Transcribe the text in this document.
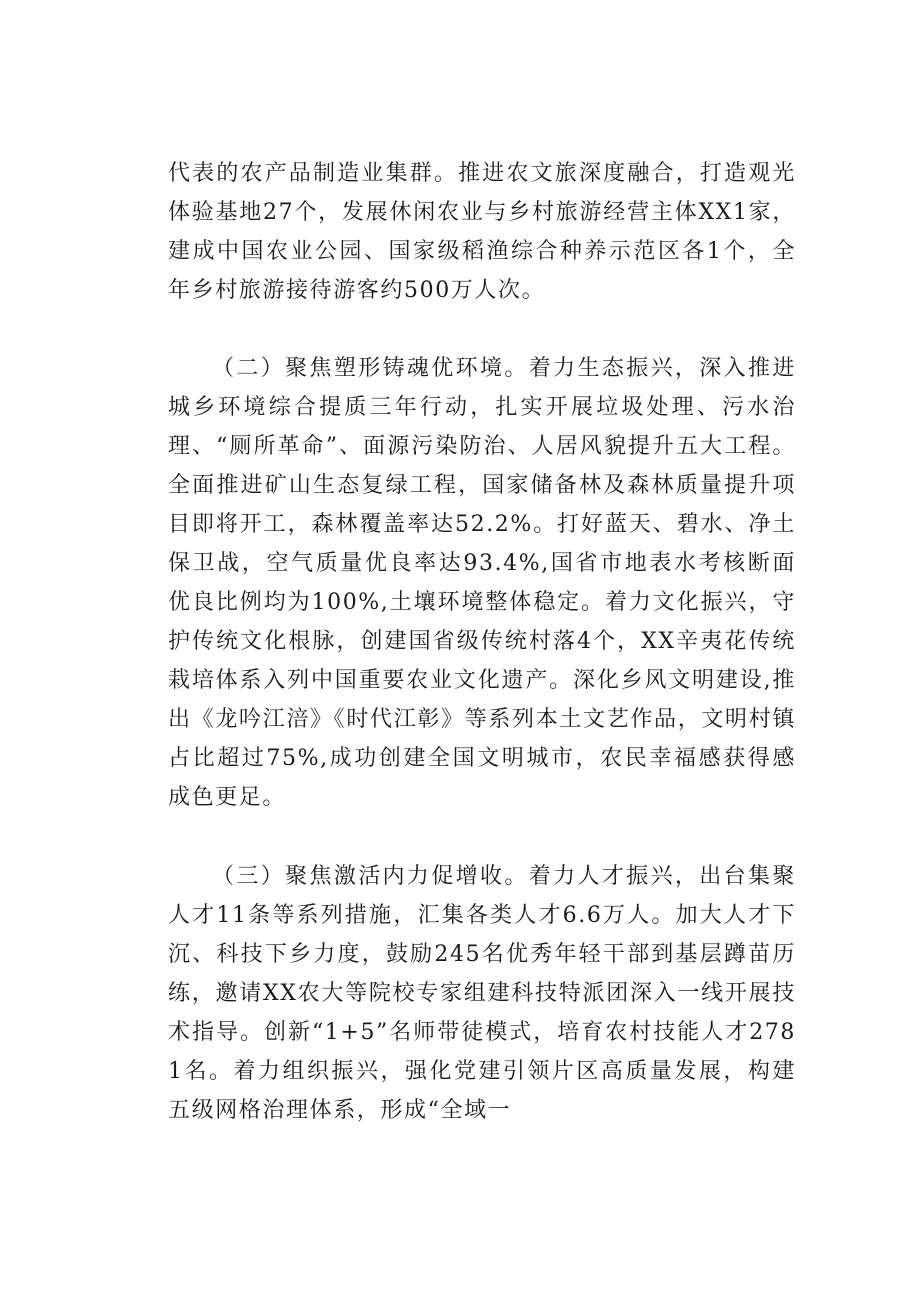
代表的农产品制造业集群。推进农文旅深度融合，打造观光体验基地27个，发展休闲农业与乡村旅游经营主体XX1家，建成中国农业公园、国家级稻渔综合种养示范区各1个，全年乡村旅游接待游客约500万人次。

（二）聚焦塑形铸魂优环境。着力生态振兴，深入推进城乡环境综合提质三年行动，扎实开展垃圾处理、污水治理、“厕所革命”、面源污染防治、人居风貌提升五大工程。全面推进矿山生态复绿工程，国家储备林及森林质量提升项目即将开工，森林覆盖率达52.2%。打好蓝天、碧水、净土保卫战，空气质量优良率达93.4%,国省市地表水考核断面优良比例均为100%,土壤环境整体稳定。着力文化振兴，守护传统文化根脉，创建国省级传统村落4个，XX辛夷花传统栽培体系入列中国重要农业文化遗产。深化乡风文明建设,推出《龙吟江涪》《时代江彰》等系列本土文艺作品，文明村镇占比超过75%,成功创建全国文明城市，农民幸福感获得感成色更足。

（三）聚焦激活内力促增收。着力人才振兴，出台集聚人才11条等系列措施，汇集各类人才6.6万人。加大人才下沉、科技下乡力度，鼓励245名优秀年轻干部到基层蹲苗历练，邀请XX农大等院校专家组建科技特派团深入一线开展技术指导。创新“1+5”名师带徒模式，培育农村技能人才2781名。着力组织振兴，强化党建引领片区高质量发展，构建五级网格治理体系，形成“全域一
